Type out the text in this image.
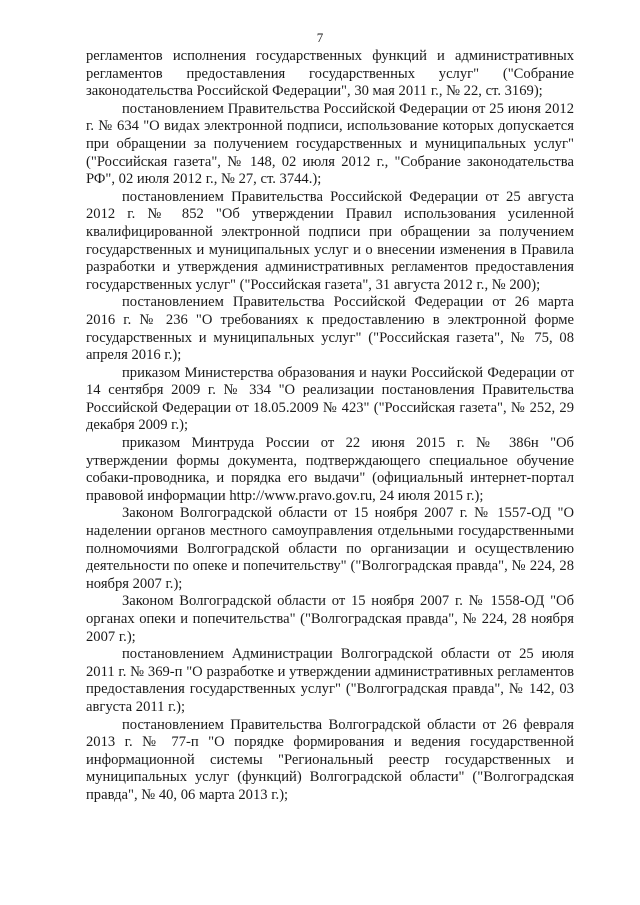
7

регламентов исполнения государственных функций и административных регламентов предоставления государственных услуг" ("Собрание законодательства Российской Федерации", 30 мая 2011 г., № 22, ст. 3169);

постановлением Правительства Российской Федерации от 25 июня 2012 г. № 634 "О видах электронной подписи, использование которых допускается при обращении за получением государственных и муниципальных услуг" ("Российская газета", № 148, 02 июля 2012 г., "Собрание законодательства РФ", 02 июля 2012 г., № 27, ст. 3744.);

постановлением Правительства Российской Федерации от 25 августа 2012 г. № 852 "Об утверждении Правил использования усиленной квалифицированной электронной подписи при обращении за получением государственных и муниципальных услуг и о внесении изменения в Правила разработки и утверждения административных регламентов предоставления государственных услуг" ("Российская газета", 31 августа 2012 г., № 200);

постановлением Правительства Российской Федерации от 26 марта 2016 г. № 236 "О требованиях к предоставлению в электронной форме государственных и муниципальных услуг" ("Российская газета", № 75, 08 апреля 2016 г.);

приказом Министерства образования и науки Российской Федерации от 14 сентября 2009 г. № 334 "О реализации постановления Правительства Российской Федерации от 18.05.2009 № 423" ("Российская газета", № 252, 29 декабря 2009 г.);

приказом Минтруда России от 22 июня 2015 г. № 386н "Об утверждении формы документа, подтверждающего специальное обучение собаки-проводника, и порядка его выдачи" (официальный интернет-портал правовой информации http://www.pravo.gov.ru, 24 июля 2015 г.);

Законом Волгоградской области от 15 ноября 2007 г. № 1557-ОД "О наделении органов местного самоуправления отдельными государственными полномочиями Волгоградской области по организации и осуществлению деятельности по опеке и попечительству" ("Волгоградская правда", № 224, 28 ноября 2007 г.);

Законом Волгоградской области от 15 ноября 2007 г. № 1558-ОД "Об органах опеки и попечительства" ("Волгоградская правда", № 224, 28 ноября 2007 г.);

постановлением Администрации Волгоградской области от 25 июля 2011 г. № 369-п "О разработке и утверждении административных регламентов предоставления государственных услуг" ("Волгоградская правда", № 142, 03 августа 2011 г.);

постановлением Правительства Волгоградской области от 26 февраля 2013 г. № 77-п "О порядке формирования и ведения государственной информационной системы "Региональный реестр государственных и муниципальных услуг (функций) Волгоградской области" ("Волгоградская правда", № 40, 06 марта 2013 г.);
